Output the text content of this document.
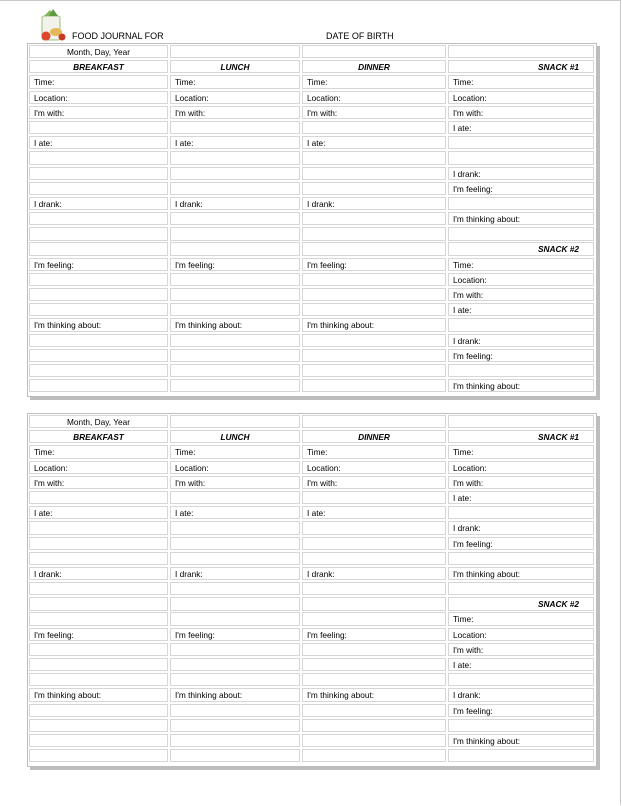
FOOD JOURNAL FOR	DATE OF BIRTH
Month, Day, Year
BREAKFAST
Time:
Location:
I'm with:
I ate:
I drank:
I'm feeling:
I'm thinking about:
LUNCH
Time:
Location:
I'm with:
I ate:
I drank:
I'm feeling:
I'm thinking about:
DINNER
Time:
Location:
I'm with:
I ate:
I drank:
I'm feeling:
I'm thinking about:
SNACK #1
Time:
Location:
I'm with:
I ate:
I drank:
I'm feeling:
I'm thinking about:
SNACK #2
Time:
Location:
I'm with:
I ate:
I drank:
I'm feeling:
I'm thinking about:
Month, Day, Year
BREAKFAST
Time:
Location:
I'm with:
I ate:
I drank:
I'm feeling:
I'm thinking about:
LUNCH
Time:
Location:
I'm with:
I ate:
I drank:
I'm feeling:
I'm thinking about:
DINNER
Time:
Location:
I'm with:
I ate:
I drank:
I'm feeling:
I'm thinking about:
SNACK #1
Time:
Location:
I'm with:
I ate:
I drank:
I'm feeling:
I'm thinking about:
SNACK #2
Time:
Location:
I'm with:
I ate:
I drank:
I'm feeling:
I'm thinking about:
